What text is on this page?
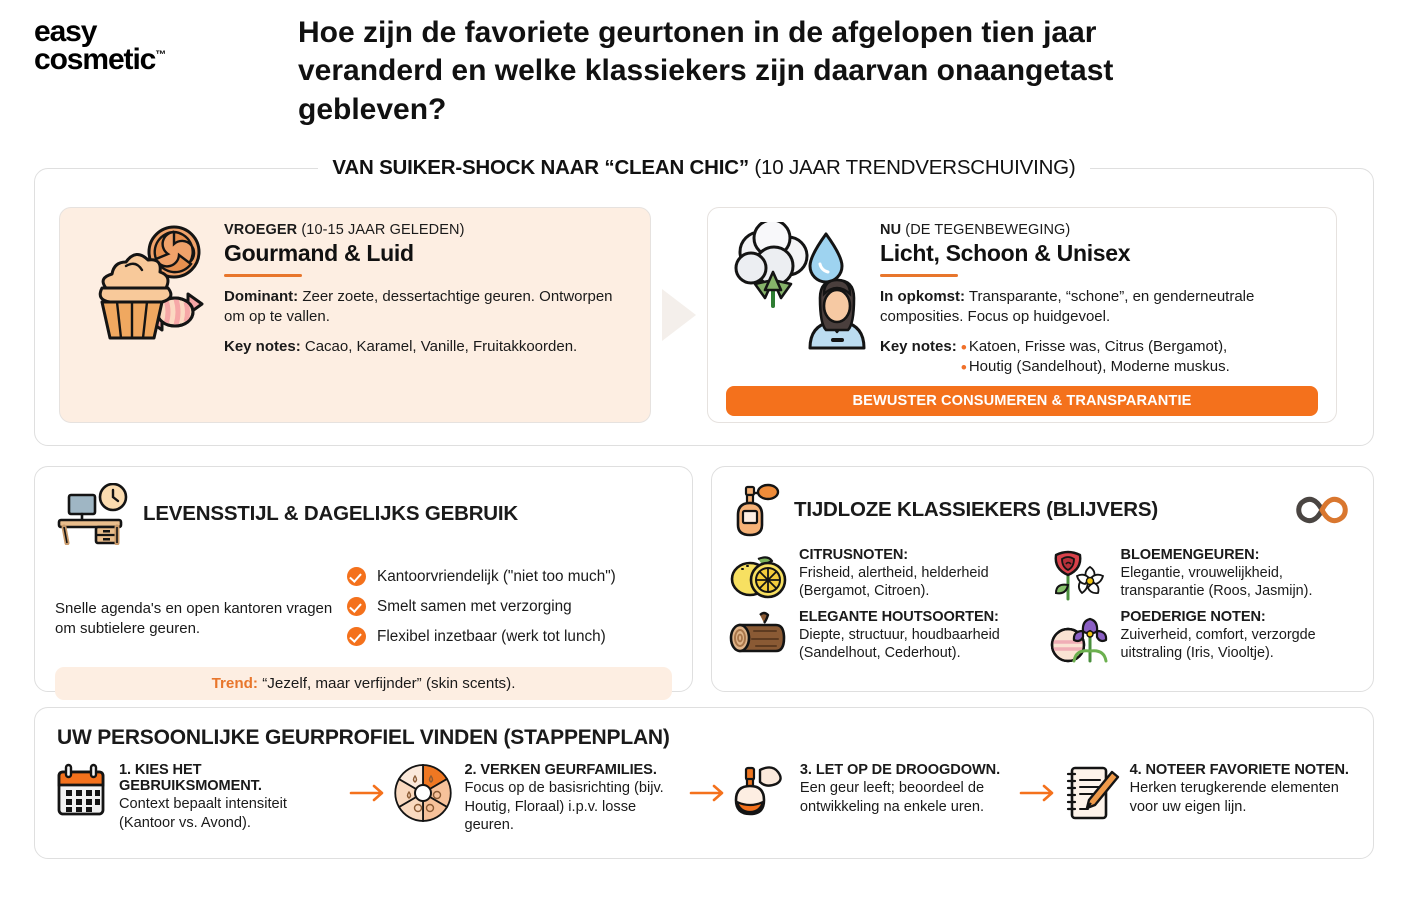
easy
cosmetic™
Hoe zijn de favoriete geurtonen in de afgelopen tien jaar veranderd en welke klassiekers zijn daarvan onaangetast gebleven?
VAN SUIKER-SHOCK NAAR “CLEAN CHIC” (10 JAAR TRENDVERSCHUIVING)
VROEGER (10-15 JAAR GELEDEN)
Gourmand & Luid
Dominant: Zeer zoete, dessertachtige geuren. Ontworpen om op te vallen.
Key notes: Cacao, Karamel, Vanille, Fruitakkoorden.
NU (DE TEGENBEWEGING)
Licht, Schoon & Unisex
In opkomst: Transparante, “schone”, en genderneutrale composities. Focus op huidgevoel.
Key notes: • Katoen, Frisse was, Citrus (Bergamot),
• Houtig (Sandelhout), Moderne muskus.
BEWUSTER CONSUMEREN & TRANSPARANTIE
LEVENSSTIJL & DAGELIJKS GEBRUIK
Snelle agenda's en open kantoren vragen om subtielere geuren.
Kantoorvriendelijk ("niet too much")
Smelt samen met verzorging
Flexibel inzetbaar (werk tot lunch)
Trend: “Jezelf, maar verfijnder” (skin scents).
TIJDLOZE KLASSIEKERS (BLIJVERS)
CITRUSNOTEN:

Frisheid, alertheid, helderheid (Bergamot, Citroen).

BLOEMENGEUREN:

Elegantie, vrouwelijkheid, transparantie (Roos, Jasmijn).

ELEGANTE HOUTSOORTEN:

Diepte, structuur, houdbaarheid (Sandelhout, Cederhout).

POEDERIGE NOTEN:

Zuiverheid, comfort, verzorgde uitstraling (Iris, Viooltje).

UW PERSOONLIJKE GEURPROFIEL VINDEN (STAPPENPLAN)
1. KIES HET GEBRUIKSMOMENT.

Context bepaalt intensiteit (Kantoor vs. Avond).

2. VERKEN GEURFAMILIES.

Focus op de basisrichting (bijv. Houtig, Floraal) i.p.v. losse geuren.

3. LET OP DE DROOGDOWN.

Een geur leeft; beoordeel de ontwikkeling na enkele uren.

4. NOTEER FAVORIETE NOTEN.

Herken terugkerende elementen voor uw eigen lijn.
